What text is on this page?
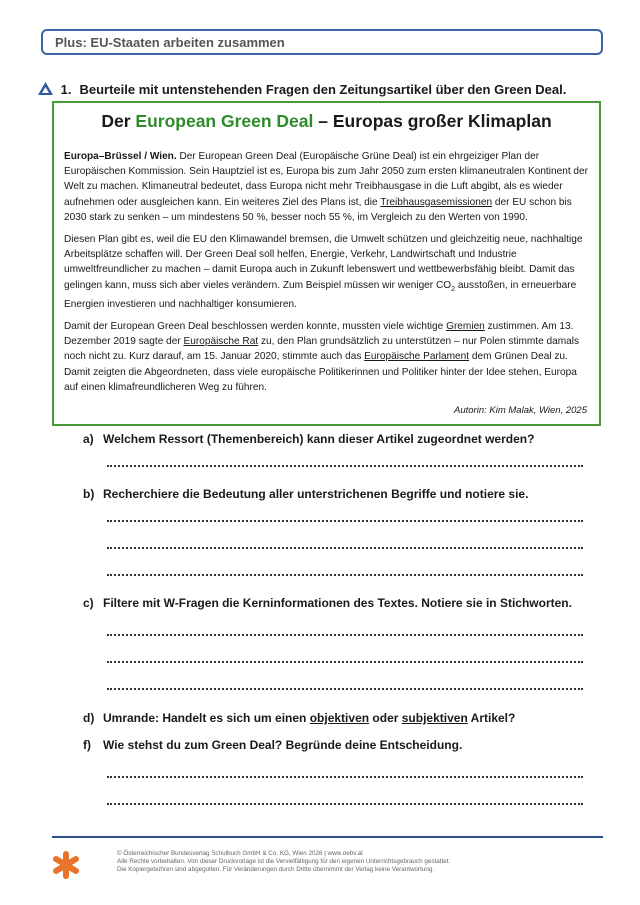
Plus: EU-Staaten arbeiten zusammen
1. Beurteile mit untenstehenden Fragen den Zeitungsartikel über den Green Deal.
Der European Green Deal – Europas großer Klimaplan

Europa–Brüssel / Wien. Der European Green Deal (Europäische Grüne Deal) ist ein ehrgeiziger Plan der Europäischen Kommission. Sein Hauptziel ist es, Europa bis zum Jahr 2050 zum ersten klimaneutralen Kontinent der Welt zu machen. Klimaneutral bedeutet, dass Europa nicht mehr Treibhausgase in die Luft abgibt, als es wieder aufnehmen oder ausgleichen kann. Ein weiteres Ziel des Plans ist, die Treibhausgasemissionen der EU schon bis 2030 stark zu senken – um mindestens 50 %, besser noch 55 %, im Vergleich zu den Werten von 1990.

Diesen Plan gibt es, weil die EU den Klimawandel bremsen, die Umwelt schützen und gleichzeitig neue, nachhaltige Arbeitsplätze schaffen will. Der Green Deal soll helfen, Energie, Verkehr, Landwirtschaft und Industrie umweltfreundlicher zu machen – damit Europa auch in Zukunft lebenswert und wettbewerbsfähig bleibt. Damit das gelingen kann, muss sich aber vieles verändern. Zum Beispiel müssen wir weniger $CO_2$ ausstoßen, in erneuerbare Energien investieren und nachhaltiger konsumieren.

Damit der European Green Deal beschlossen werden konnte, mussten viele wichtige Gremien zustimmen. Am 13. Dezember 2019 sagte der Europäische Rat zu, den Plan grundsätzlich zu unterstützen – nur Polen stimmte damals noch nicht zu. Kurz darauf, am 15. Januar 2020, stimmte auch das Europäische Parlament dem Grünen Deal zu. Damit zeigten die Abgeordneten, dass viele europäische Politikerinnen und Politiker hinter der Idee stehen, Europa auf einen klimafreundlicheren Weg zu führen.

Autorin: Kim Malak, Wien, 2025
a) Welchem Ressort (Themenbereich) kann dieser Artikel zugeordnet werden?
b) Recherchiere die Bedeutung aller unterstrichenen Begriffe und notiere sie.
c) Filtere mit W-Fragen die Kerninformationen des Textes. Notiere sie in Stichworten.
d) Umrande: Handelt es sich um einen objektiven oder subjektiven Artikel?
f) Wie stehst du zum Green Deal? Begründe deine Entscheidung.
© Österreichischer Bundesverlag Schulbuch GmbH & Co. KG, Wien 2026 | www.oebv.at
Alle Rechte vorbehalten. Von dieser Druckvorlage ist die Vervielfältigung für den eigenen Unterrichtsgebrauch gestattet.
Die Kopiergebühren sind abgegolten. Für Veränderungen durch Dritte übernimmt der Verlag keine Verantwortung.
